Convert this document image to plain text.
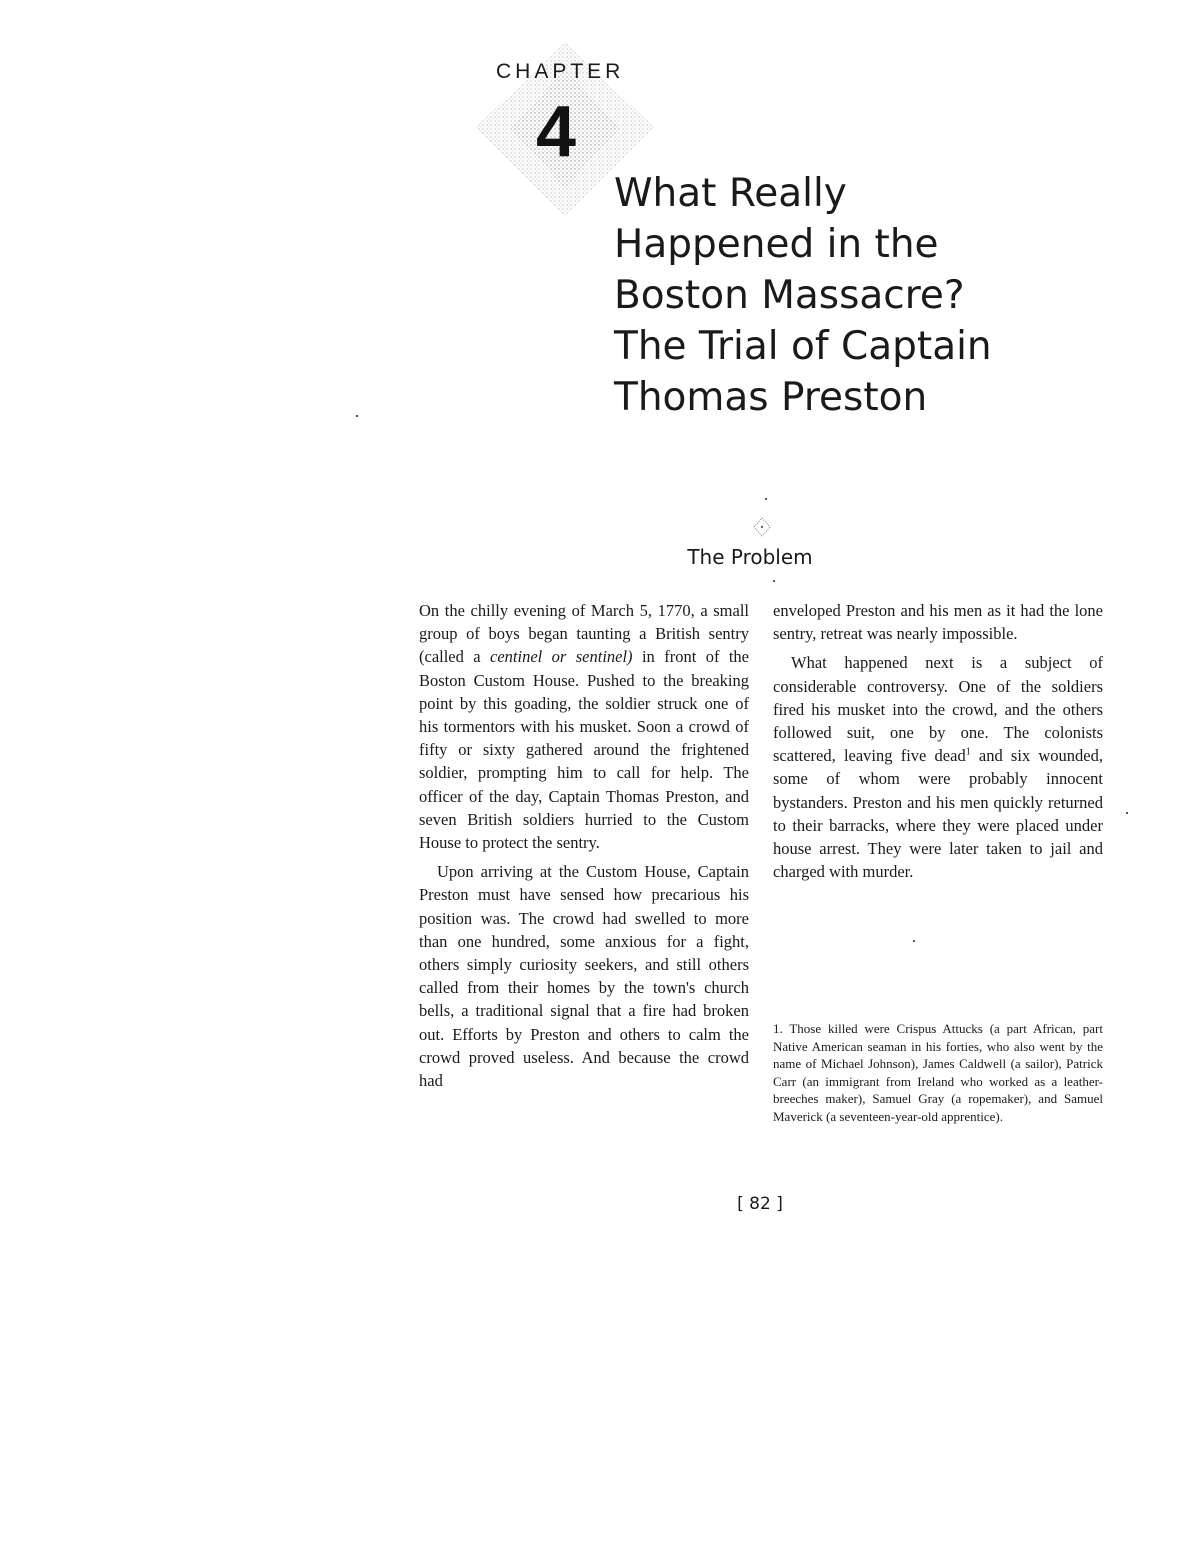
CHAPTER
4
What Really
Happened in the
Boston Massacre?
The Trial of Captain
Thomas Preston
The Problem

On the chilly evening of March 5, 1770, a small group of boys began taunting a British sentry (called a centinel or sentinel) in front of the Boston Custom House. Pushed to the breaking point by this goading, the soldier struck one of his tormentors with his musket. Soon a crowd of fifty or sixty gathered around the frightened soldier, prompting him to call for help. The officer of the day, Captain Thomas Preston, and seven British soldiers hurried to the Custom House to protect the sentry.

Upon arriving at the Custom House, Captain Preston must have sensed how precarious his position was. The crowd had swelled to more than one hundred, some anxious for a fight, others simply curiosity seekers, and still others called from their homes by the town's church bells, a traditional signal that a fire had broken out. Efforts by Preston and others to calm the crowd proved useless. And because the crowd had

enveloped Preston and his men as it had the lone sentry, retreat was nearly impossible.

What happened next is a subject of considerable controversy. One of the soldiers fired his musket into the crowd, and the others followed suit, one by one. The colonists scattered, leaving five dead$^1$ and six wounded, some of whom were probably innocent bystanders. Preston and his men quickly returned to their barracks, where they were placed under house arrest. They were later taken to jail and charged with murder.

1. Those killed were Crispus Attucks (a part African, part Native American seaman in his forties, who also went by the name of Michael Johnson), James Caldwell (a sailor), Patrick Carr (an immigrant from Ireland who worked as a leather-breeches maker), Samuel Gray (a ropemaker), and Samuel Maverick (a seventeen-year-old apprentice).

[ 82 ]
